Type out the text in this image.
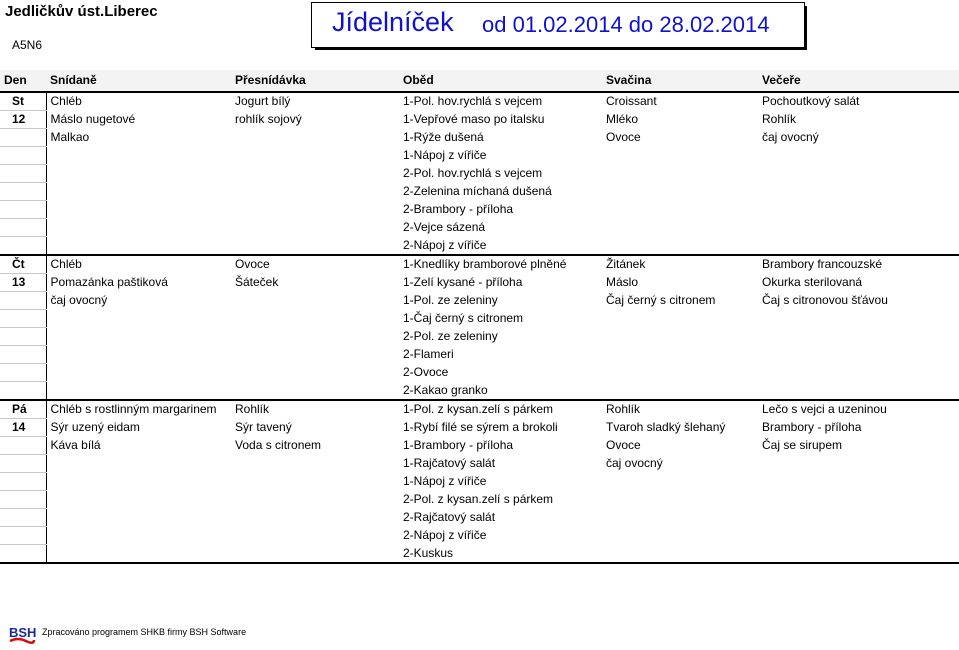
Jedličkův úst.Liberec
A5N6
Jídelníček od 01.02.2014 do 28.02.2014
Den	Snídaně	Přesnídávka	Oběd	Svačina	Večeře
St	Chléb	Jogurt bílý	1-Pol. hov.rychlá s vejcem	Croissant	Pochoutkový salát
12	Máslo nugetové	rohlík sojový	1-Vepřové maso po italsku	Mléko	Rohlík
	Malkao		1-Rýže dušená	Ovoce	čaj ovocný
			1-Nápoj z vířiče		
			2-Pol. hov.rychlá s vejcem		
			2-Zelenina míchaná dušená		
			2-Brambory - příloha		
			2-Vejce sázená		
			2-Nápoj z vířiče		
Čt	Chléb	Ovoce	1-Knedlíky bramborové plněné	Žitánek	Brambory francouzské
13	Pomazánka paštiková	Šáteček	1-Zelí kysané - příloha	Máslo	Okurka sterilovaná
	čaj ovocný		1-Pol. ze zeleniny	Čaj černý s citronem	Čaj s citronovou šťávou
			1-Čaj černý s citronem		
			2-Pol. ze zeleniny		
			2-Flameri		
			2-Ovoce		
			2-Kakao granko		
Pá	Chléb s rostlinným margarinem	Rohlík	1-Pol. z kysan.zelí s párkem	Rohlík	Lečo s vejci a uzeninou
14	Sýr uzený eidam	Sýr tavený	1-Rybí filé se sýrem a brokoli	Tvaroh sladký šlehaný	Brambory - příloha
	Káva bílá	Voda s citronem	1-Brambory - příloha	Ovoce	Čaj se sirupem
			1-Rajčatový salát	čaj ovocný	
			1-Nápoj z vířiče		
			2-Pol. z kysan.zelí s párkem		
			2-Rajčatový salát		
			2-Nápoj z vířiče		
			2-Kuskus		
BSH Zpracováno programem SHKB firmy BSH Software
